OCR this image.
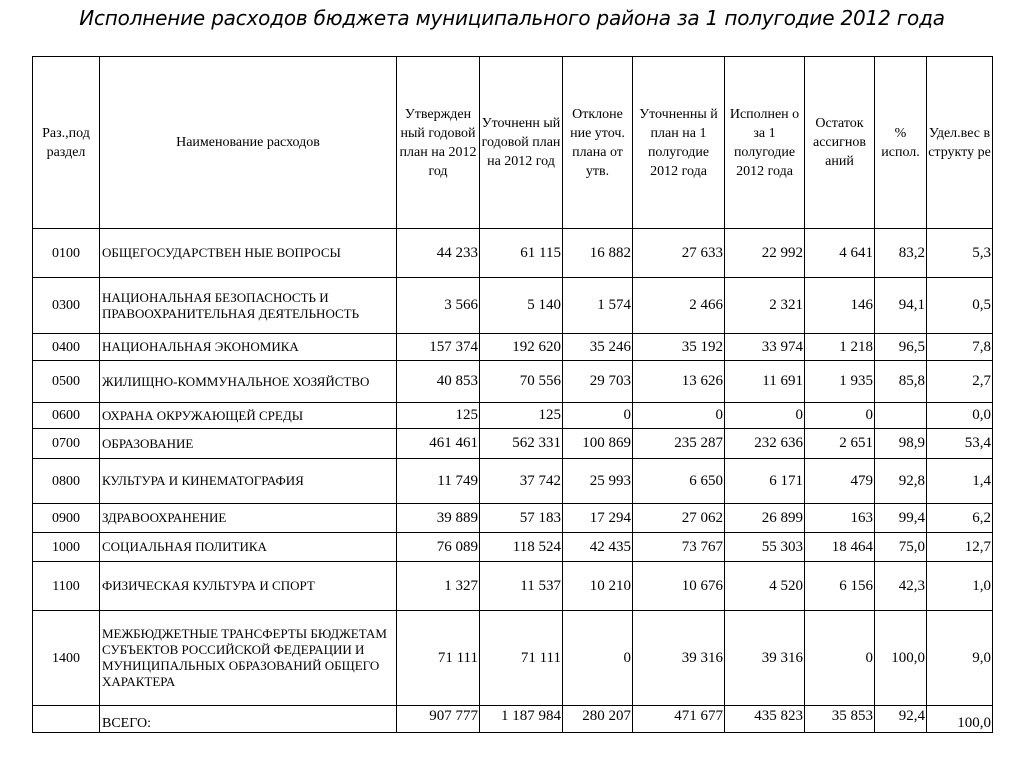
Исполнение расходов бюджета муниципального района за 1 полугодие 2012 года
Раз.,под раздел	Наименование расходов	Утвержден ный годовой план на 2012 год	Уточненн ый годовой план на 2012 год	Отклоне ние уточ. плана от утв.	Уточненны й план на 1 полугодие 2012 года	Исполнен о за 1 полугодие 2012 года	Остаток ассигнов аний	% испол.	Удел.вес в структу ре
0100	ОБЩЕГОСУДАРСТВЕН НЫЕ ВОПРОСЫ	44 233	61 115	16 882	27 633	22 992	4 641	83,2	5,3
0300	НАЦИОНАЛЬНАЯ БЕЗОПАСНОСТЬ И ПРАВООХРАНИТЕЛЬНАЯ ДЕЯТЕЛЬНОСТЬ	3 566	5 140	1 574	2 466	2 321	146	94,1	0,5
0400	НАЦИОНАЛЬНАЯ ЭКОНОМИКА	157 374	192 620	35 246	35 192	33 974	1 218	96,5	7,8
0500	ЖИЛИЩНО-КОММУНАЛЬНОЕ ХОЗЯЙСТВО	40 853	70 556	29 703	13 626	11 691	1 935	85,8	2,7
0600	ОХРАНА ОКРУЖАЮЩЕЙ СРЕДЫ	125	125	0	0	0	0		0,0
0700	ОБРАЗОВАНИЕ	461 461	562 331	100 869	235 287	232 636	2 651	98,9	53,4
0800	КУЛЬТУРА И КИНЕМАТОГРАФИЯ	11 749	37 742	25 993	6 650	6 171	479	92,8	1,4
0900	ЗДРАВООХРАНЕНИЕ	39 889	57 183	17 294	27 062	26 899	163	99,4	6,2
1000	СОЦИАЛЬНАЯ ПОЛИТИКА	76 089	118 524	42 435	73 767	55 303	18 464	75,0	12,7
1100	ФИЗИЧЕСКАЯ КУЛЬТУРА И СПОРТ	1 327	11 537	10 210	10 676	4 520	6 156	42,3	1,0
1400	МЕЖБЮДЖЕТНЫЕ ТРАНСФЕРТЫ БЮДЖЕТАМ СУБЪЕКТОВ РОССИЙСКОЙ ФЕДЕРАЦИИ И МУНИЦИПАЛЬНЫХ ОБРАЗОВАНИЙ ОБЩЕГО ХАРАКТЕРА	71 111	71 111	0	39 316	39 316	0	100,0	9,0
	ВСЕГО:	907 777	1 187 984	280 207	471 677	435 823	35 853	92,4	100,0
